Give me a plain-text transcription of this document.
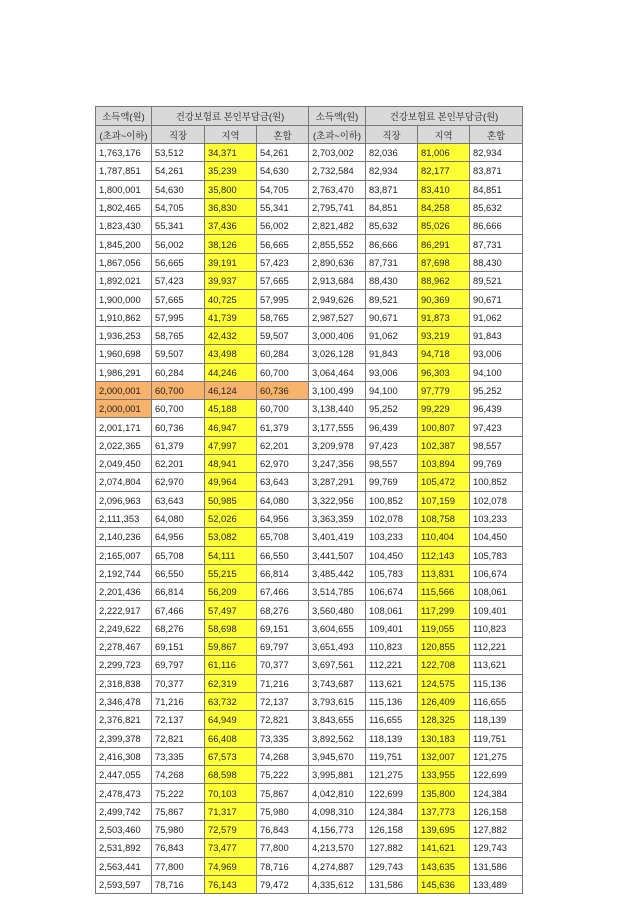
소득액(원)	건강보험료 본인부담금(원)			소득액(원)	건강보험료 본인부담금(원)		
(초과~이하)	직장	지역	혼합	(초과~이하)	직장	지역	혼합
1,763,176	53,512	34,371	54,261	2,703,002	82,036	81,006	82,934
1,787,851	54,261	35,239	54,630	2,732,584	82,934	82,177	83,871
1,800,001	54,630	35,800	54,705	2,763,470	83,871	83,410	84,851
1,802,465	54,705	36,830	55,341	2,795,741	84,851	84,258	85,632
1,823,430	55,341	37,436	56,002	2,821,482	85,632	85,026	86,666
1,845,200	56,002	38,126	56,665	2,855,552	86,666	86,291	87,731
1,867,056	56,665	39,191	57,423	2,890,636	87,731	87,698	88,430
1,892,021	57,423	39,937	57,665	2,913,684	88,430	88,962	89,521
1,900,000	57,665	40,725	57,995	2,949,626	89,521	90,369	90,671
1,910,862	57,995	41,739	58,765	2,987,527	90,671	91,873	91,062
1,936,253	58,765	42,432	59,507	3,000,406	91,062	93,219	91,843
1,960,698	59,507	43,498	60,284	3,026,128	91,843	94,718	93,006
1,986,291	60,284	44,246	60,700	3,064,464	93,006	96,303	94,100
2,000,001	60,700	46,124	60,736	3,100,499	94,100	97,779	95,252
2,000,001	60,700	45,188	60,700	3,138,440	95,252	99,229	96,439
2,001,171	60,736	46,947	61,379	3,177,555	96,439	100,807	97,423
2,022,365	61,379	47,997	62,201	3,209,978	97,423	102,387	98,557
2,049,450	62,201	48,941	62,970	3,247,356	98,557	103,894	99,769
2,074,804	62,970	49,964	63,643	3,287,291	99,769	105,472	100,852
2,096,963	63,643	50,985	64,080	3,322,956	100,852	107,159	102,078
2,111,353	64,080	52,026	64,956	3,363,359	102,078	108,758	103,233
2,140,236	64,956	53,082	65,708	3,401,419	103,233	110,404	104,450
2,165,007	65,708	54,111	66,550	3,441,507	104,450	112,143	105,783
2,192,744	66,550	55,215	66,814	3,485,442	105,783	113,831	106,674
2,201,436	66,814	56,209	67,466	3,514,785	106,674	115,566	108,061
2,222,917	67,466	57,497	68,276	3,560,480	108,061	117,299	109,401
2,249,622	68,276	58,698	69,151	3,604,655	109,401	119,055	110,823
2,278,467	69,151	59,867	69,797	3,651,493	110,823	120,855	112,221
2,299,723	69,797	61,116	70,377	3,697,561	112,221	122,708	113,621
2,318,838	70,377	62,319	71,216	3,743,687	113,621	124,575	115,136
2,346,478	71,216	63,732	72,137	3,793,615	115,136	126,409	116,655
2,376,821	72,137	64,949	72,821	3,843,655	116,655	128,325	118,139
2,399,378	72,821	66,408	73,335	3,892,562	118,139	130,183	119,751
2,416,308	73,335	67,573	74,268	3,945,670	119,751	132,007	121,275
2,447,055	74,268	68,598	75,222	3,995,881	121,275	133,955	122,699
2,478,473	75,222	70,103	75,867	4,042,810	122,699	135,800	124,384
2,499,742	75,867	71,317	75,980	4,098,310	124,384	137,773	126,158
2,503,460	75,980	72,579	76,843	4,156,773	126,158	139,695	127,882
2,531,892	76,843	73,477	77,800	4,213,570	127,882	141,621	129,743
2,563,441	77,800	74,969	78,716	4,274,887	129,743	143,635	131,586
2,593,597	78,716	76,143	79,472	4,335,612	131,586	145,636	133,489
